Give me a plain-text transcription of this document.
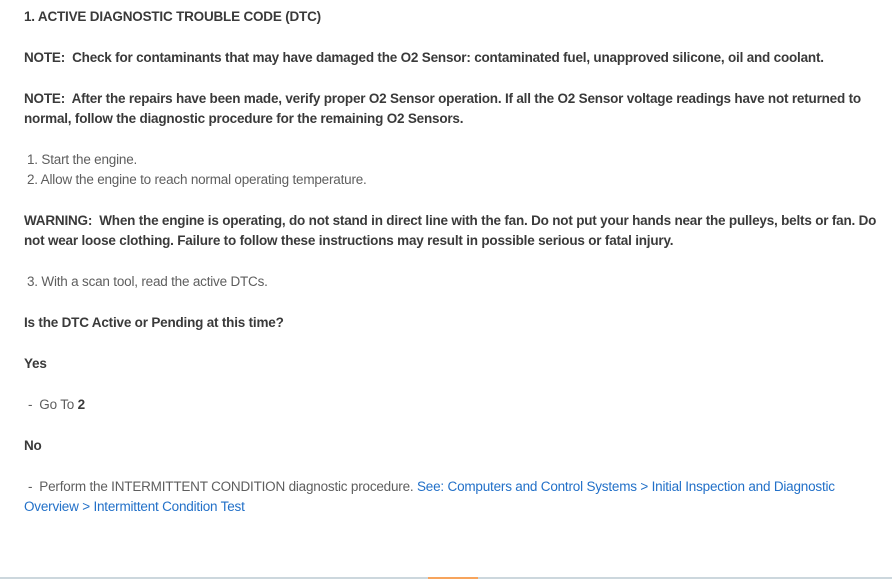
1. ACTIVE DIAGNOSTIC TROUBLE CODE (DTC)

NOTE:  Check for contaminants that may have damaged the O2 Sensor: contaminated fuel, unapproved silicone, oil and coolant.

NOTE:  After the repairs have been made, verify proper O2 Sensor operation. If all the O2 Sensor voltage readings have not returned to normal, follow the diagnostic procedure for the remaining O2 Sensors.

1. Start the engine.

2. Allow the engine to reach normal operating temperature.

WARNING:  When the engine is operating, do not stand in direct line with the fan. Do not put your hands near the pulleys, belts or fan. Do not wear loose clothing. Failure to follow these instructions may result in possible serious or fatal injury.

3. With a scan tool, read the active DTCs.

Is the DTC Active or Pending at this time?

Yes

- Go To 2

No

- Perform the INTERMITTENT CONDITION diagnostic procedure. See: Computers and Control Systems > Initial Inspection and Diagnostic Overview > Intermittent Condition Test
